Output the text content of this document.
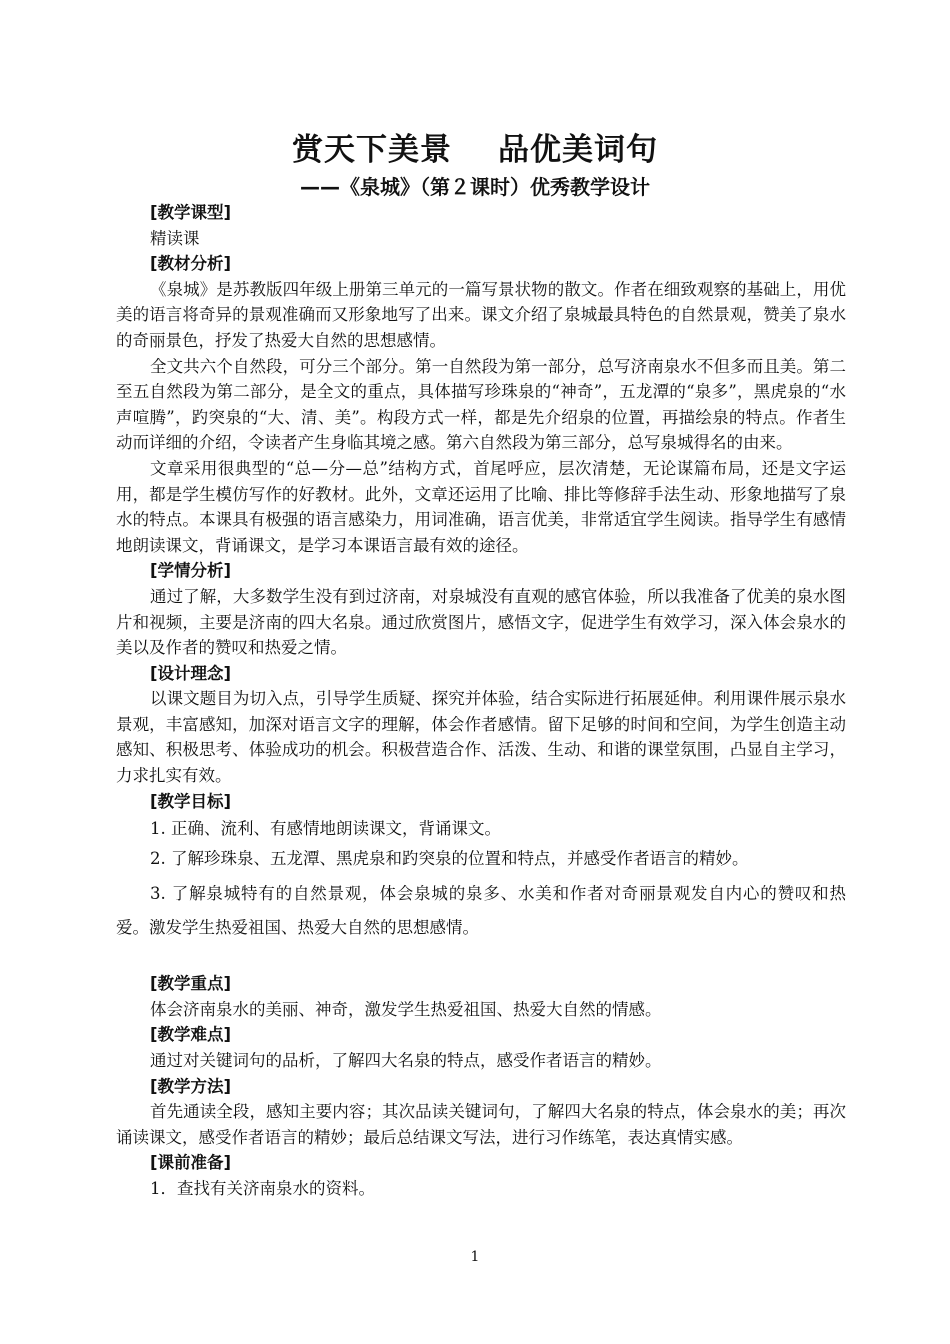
赏天下美景 品优美词句
——《泉城》（第２课时）优秀教学设计

[教学课型]

精读课

[教材分析]

《泉城》是苏教版四年级上册第三单元的一篇写景状物的散文。作者在细致观察的基础上，用优美的语言将奇异的景观准确而又形象地写了出来。课文介绍了泉城最具特色的自然景观，赞美了泉水的奇丽景色，抒发了热爱大自然的思想感情。

全文共六个自然段，可分三个部分。第一自然段为第一部分，总写济南泉水不但多而且美。第二至五自然段为第二部分，是全文的重点，具体描写珍珠泉的“神奇”，五龙潭的“泉多”，黑虎泉的“水声喧腾”，趵突泉的“大、清、美”。构段方式一样，都是先介绍泉的位置，再描绘泉的特点。作者生动而详细的介绍，令读者产生身临其境之感。第六自然段为第三部分，总写泉城得名的由来。

文章采用很典型的“总—分—总”结构方式，首尾呼应，层次清楚，无论谋篇布局，还是文字运用，都是学生模仿写作的好教材。此外，文章还运用了比喻、排比等修辞手法生动、形象地描写了泉水的特点。本课具有极强的语言感染力，用词准确，语言优美，非常适宜学生阅读。指导学生有感情地朗读课文，背诵课文，是学习本课语言最有效的途径。

[学情分析]

通过了解，大多数学生没有到过济南，对泉城没有直观的感官体验，所以我准备了优美的泉水图片和视频，主要是济南的四大名泉。通过欣赏图片，感悟文字，促进学生有效学习，深入体会泉水的美以及作者的赞叹和热爱之情。

[设计理念]

以课文题目为切入点，引导学生质疑、探究并体验，结合实际进行拓展延伸。利用课件展示泉水景观，丰富感知，加深对语言文字的理解，体会作者感情。留下足够的时间和空间，为学生创造主动感知、积极思考、体验成功的机会。积极营造合作、活泼、生动、和谐的课堂氛围，凸显自主学习，力求扎实有效。

[教学目标]

1. 正确、流利、有感情地朗读课文，背诵课文。

2. 了解珍珠泉、五龙潭、黑虎泉和趵突泉的位置和特点，并感受作者语言的精妙。

3. 了解泉城特有的自然景观，体会泉城的泉多、水美和作者对奇丽景观发自内心的赞叹和热爱。激发学生热爱祖国、热爱大自然的思想感情。

[教学重点]

体会济南泉水的美丽、神奇，激发学生热爱祖国、热爱大自然的情感。

[教学难点]

通过对关键词句的品析，了解四大名泉的特点，感受作者语言的精妙。

[教学方法]

首先通读全段，感知主要内容；其次品读关键词句，了解四大名泉的特点，体会泉水的美；再次诵读课文，感受作者语言的精妙；最后总结课文写法，进行习作练笔，表达真情实感。

[课前准备]

1．查找有关济南泉水的资料。

1
